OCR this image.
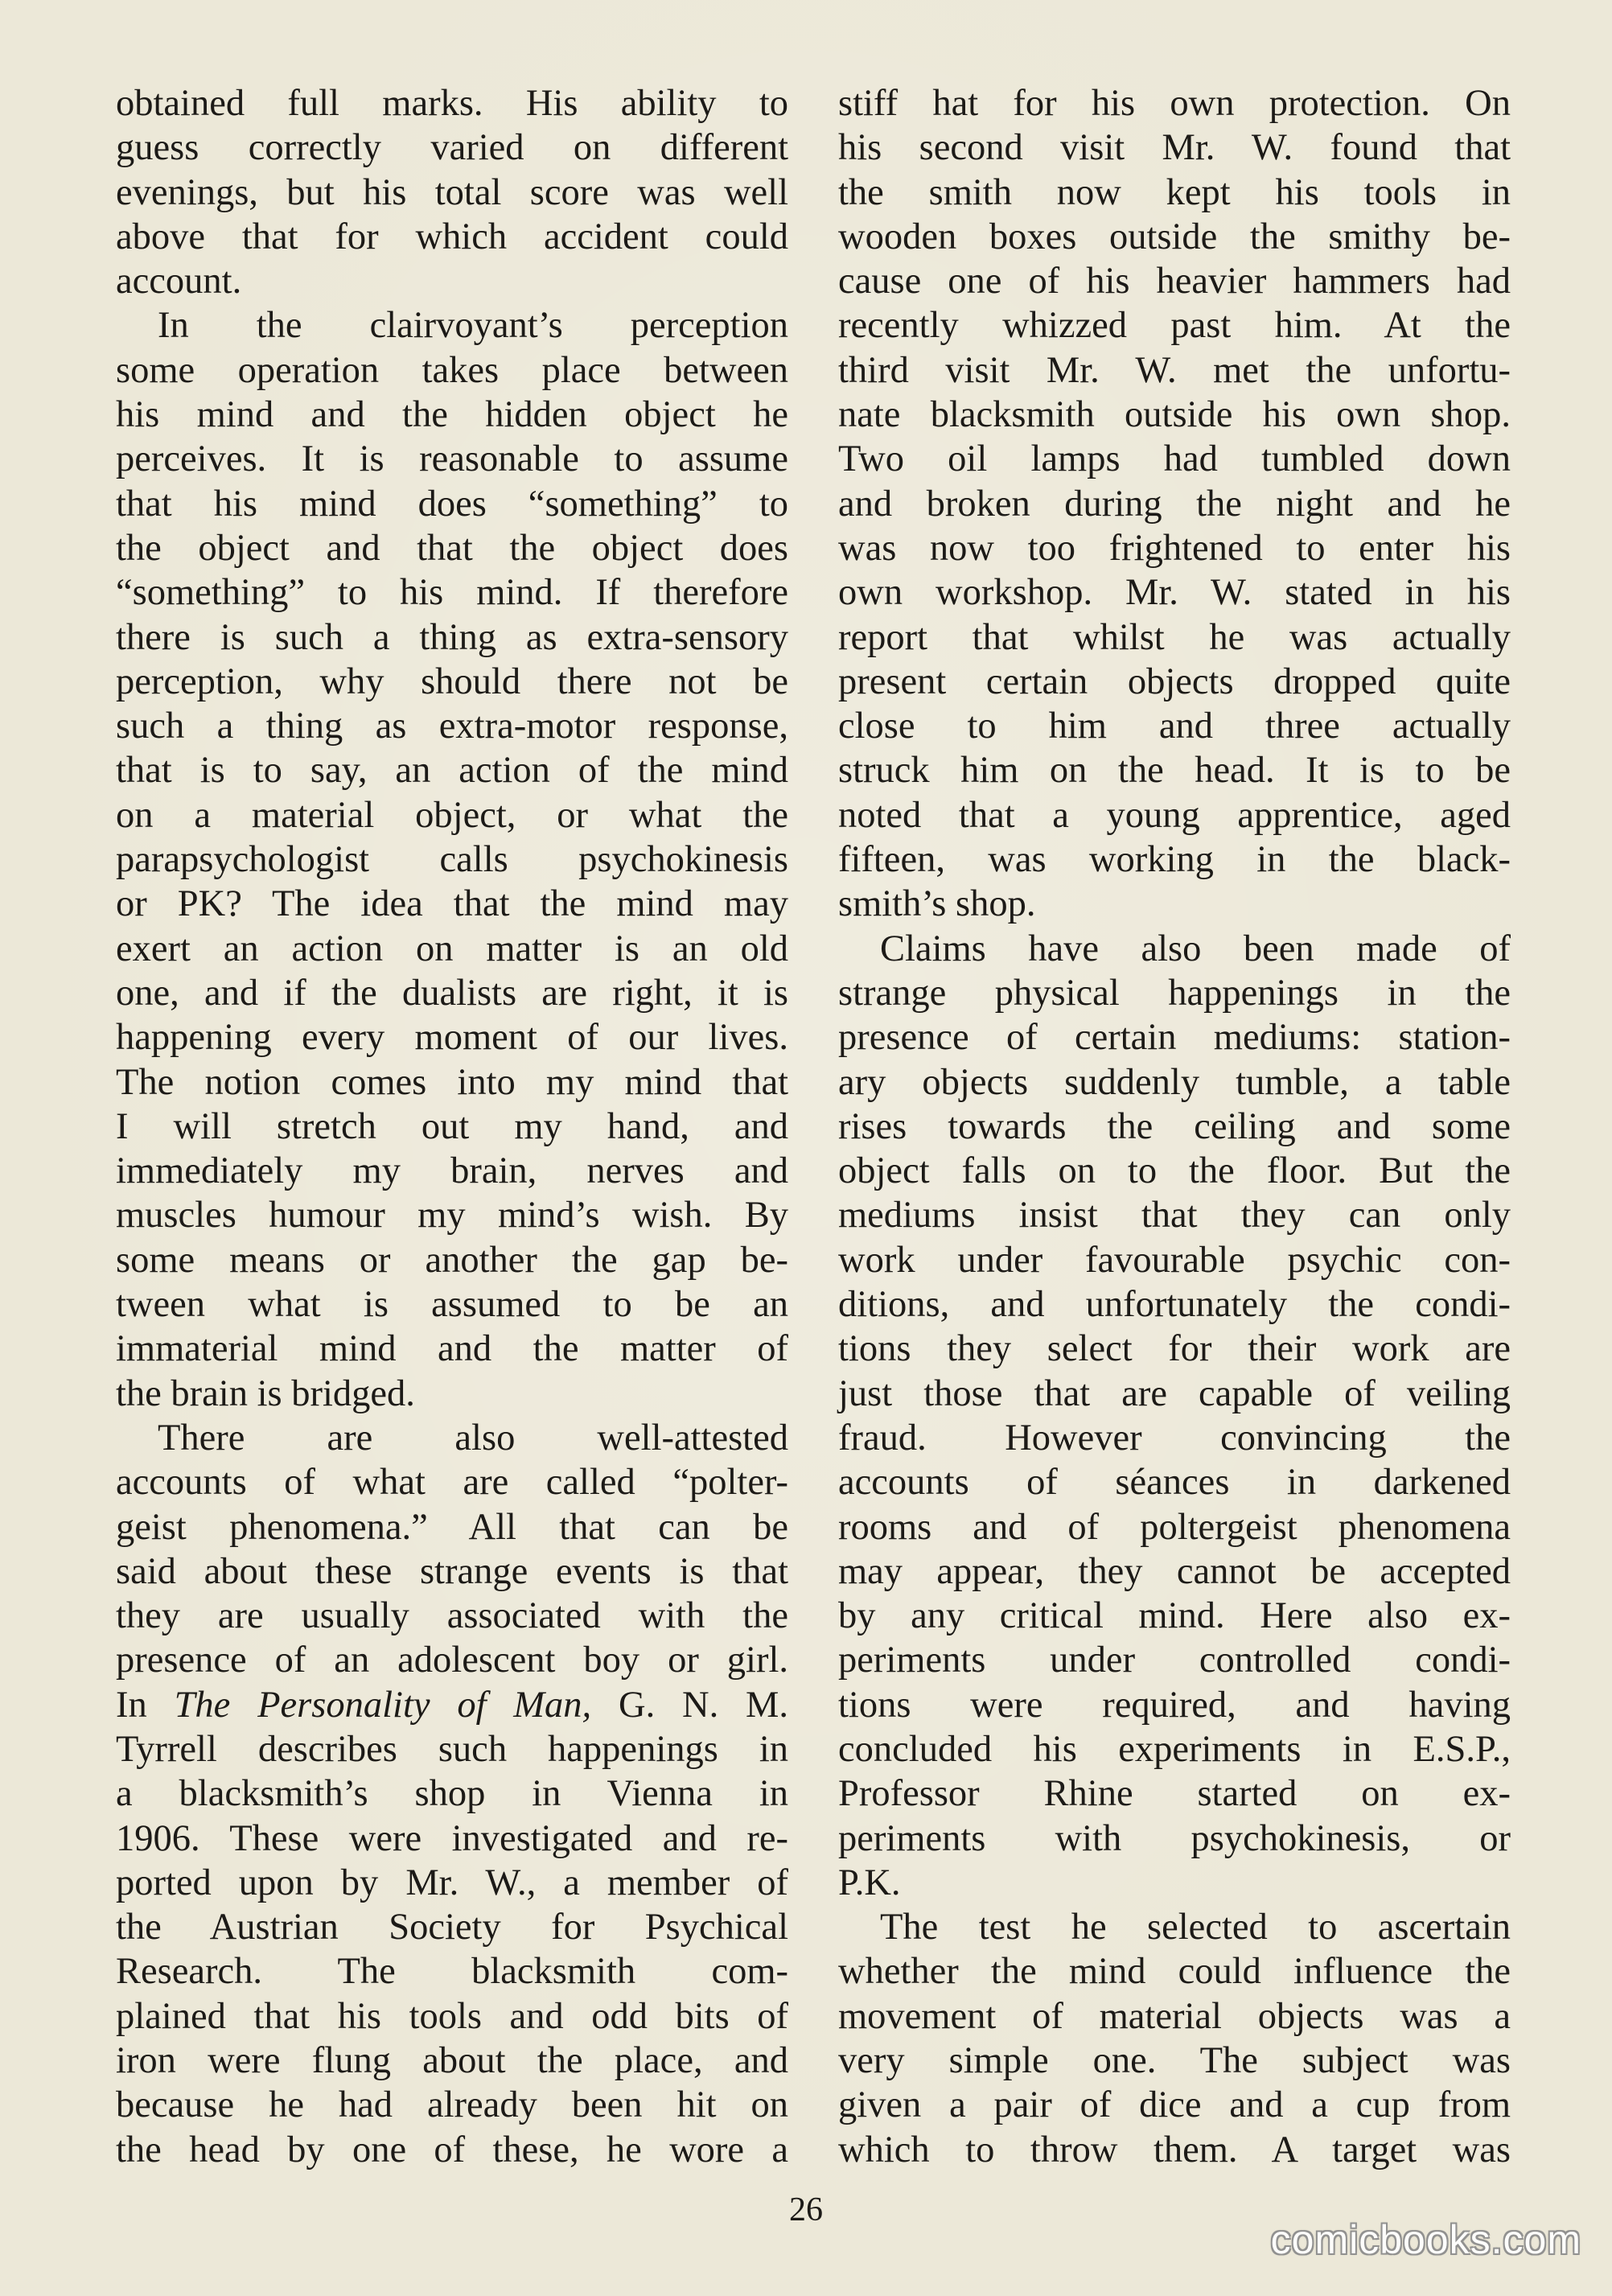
obtained full marks. His ability to
guess correctly varied on different
evenings, but his total score was well
above that for which accident could
account.
In the clairvoyant’s perception
some operation takes place between
his mind and the hidden object he
perceives. It is reasonable to assume
that his mind does “something” to
the object and that the object does
“something” to his mind. If therefore
there is such a thing as extra-sensory
perception, why should there not be
such a thing as extra-motor response,
that is to say, an action of the mind
on a material object, or what the
parapsychologist calls psychokinesis
or PK? The idea that the mind may
exert an action on matter is an old
one, and if the dualists are right, it is
happening every moment of our lives.
The notion comes into my mind that
I will stretch out my hand, and
immediately my brain, nerves and
muscles humour my mind’s wish. By
some means or another the gap be-
tween what is assumed to be an
immaterial mind and the matter of
the brain is bridged.
There are also well-attested
accounts of what are called “polter-
geist phenomena.” All that can be
said about these strange events is that
they are usually associated with the
presence of an adolescent boy or girl.
In The Personality of Man, G. N. M.
Tyrrell describes such happenings in
a blacksmith’s shop in Vienna in
1906. These were investigated and re-
ported upon by Mr. W., a member of
the Austrian Society for Psychical
Research. The blacksmith com-
plained that his tools and odd bits of
iron were flung about the place, and
because he had already been hit on
the head by one of these, he wore a
stiff hat for his own protection. On
his second visit Mr. W. found that
the smith now kept his tools in
wooden boxes outside the smithy be-
cause one of his heavier hammers had
recently whizzed past him. At the
third visit Mr. W. met the unfortu-
nate blacksmith outside his own shop.
Two oil lamps had tumbled down
and broken during the night and he
was now too frightened to enter his
own workshop. Mr. W. stated in his
report that whilst he was actually
present certain objects dropped quite
close to him and three actually
struck him on the head. It is to be
noted that a young apprentice, aged
fifteen, was working in the black-
smith’s shop.
Claims have also been made of
strange physical happenings in the
presence of certain mediums: station-
ary objects suddenly tumble, a table
rises towards the ceiling and some
object falls on to the floor. But the
mediums insist that they can only
work under favourable psychic con-
ditions, and unfortunately the condi-
tions they select for their work are
just those that are capable of veiling
fraud. However convincing the
accounts of séances in darkened
rooms and of poltergeist phenomena
may appear, they cannot be accepted
by any critical mind. Here also ex-
periments under controlled condi-
tions were required, and having
concluded his experiments in E.S.P.,
Professor Rhine started on ex-
periments with psychokinesis, or
P.K.
The test he selected to ascertain
whether the mind could influence the
movement of material objects was a
very simple one. The subject was
given a pair of dice and a cup from
which to throw them. A target was
26
comicbooks.com
